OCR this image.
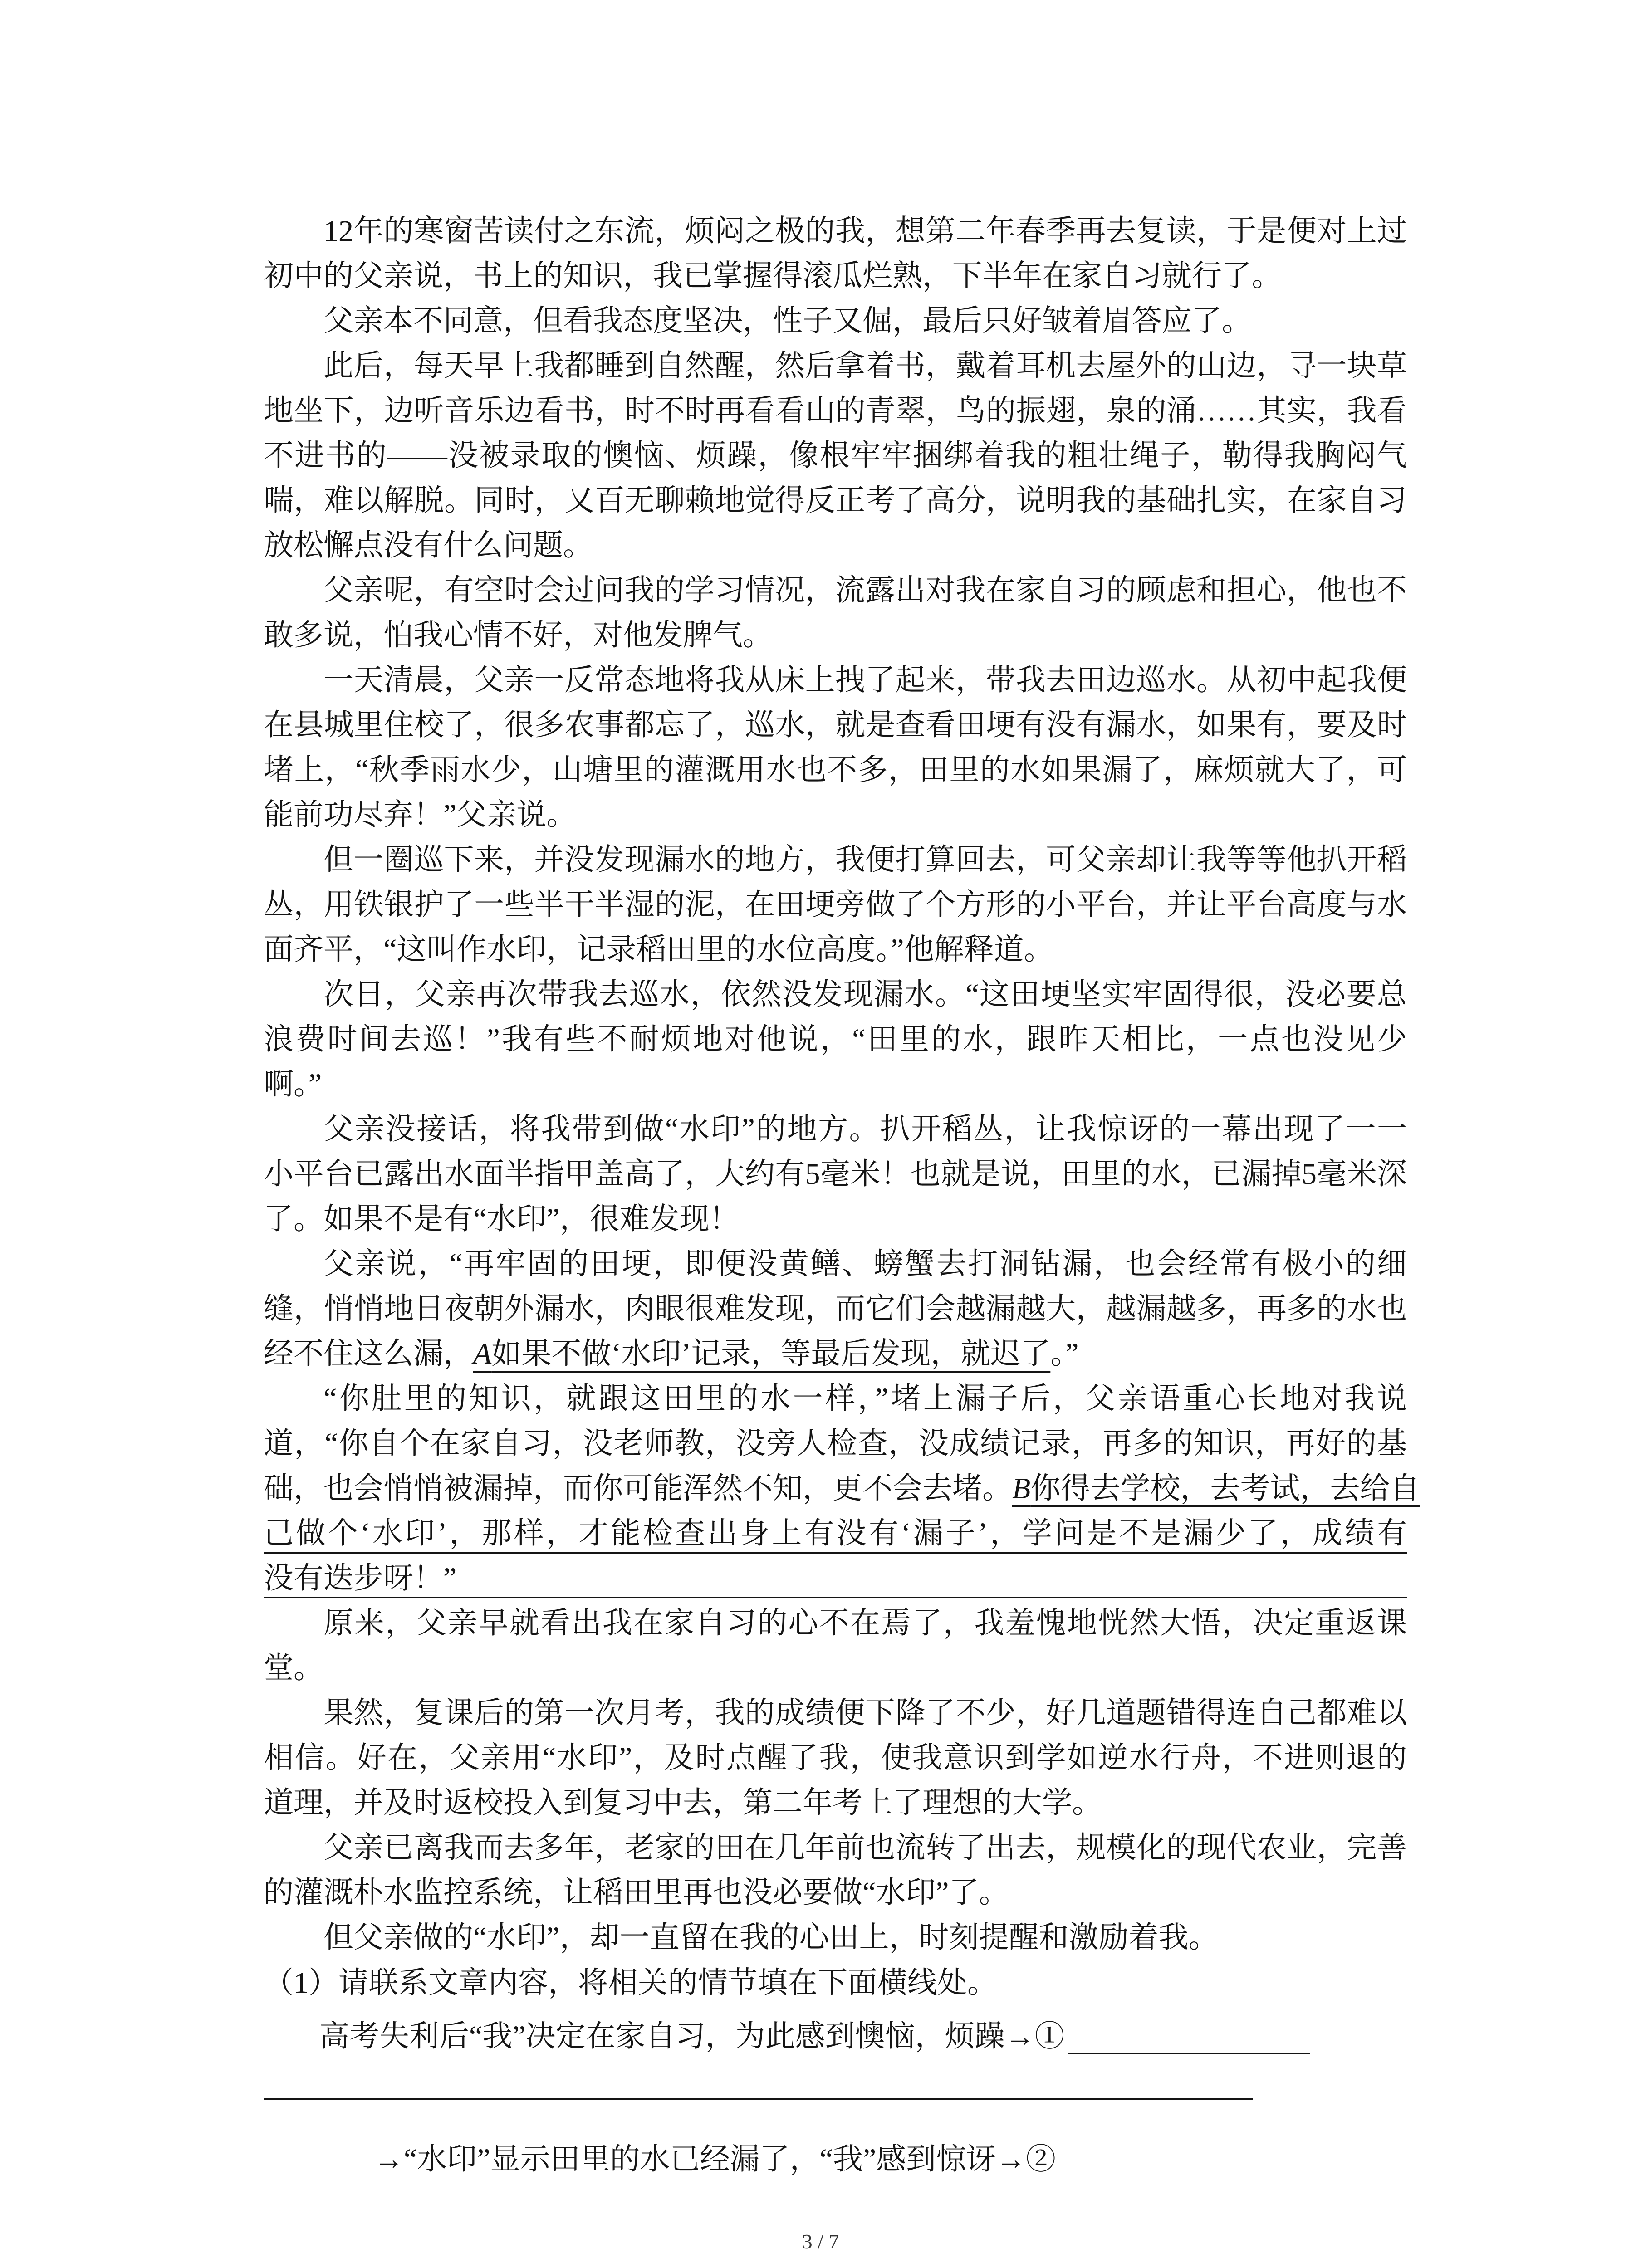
12年的寒窗苦读付之东流，烦闷之极的我，想第二年春季再去复读，于是便对上过
初中的父亲说，书上的知识，我已掌握得滚瓜烂熟，下半年在家自习就行了。
父亲本不同意，但看我态度坚决，性子又倔，最后只好皱着眉答应了。
此后，每天早上我都睡到自然醒，然后拿着书，戴着耳机去屋外的山边，寻一块草
地坐下，边听音乐边看书，时不时再看看山的青翠，鸟的振翅，泉的涌……其实，我看
不进书的——没被录取的懊恼、烦躁，像根牢牢捆绑着我的粗壮绳子，勒得我胸闷气
喘，难以解脱。同时，又百无聊赖地觉得反正考了高分，说明我的基础扎实，在家自习
放松懈点没有什么问题。
父亲呢，有空时会过问我的学习情况，流露出对我在家自习的顾虑和担心，他也不
敢多说，怕我心情不好，对他发脾气。
一天清晨，父亲一反常态地将我从床上拽了起来，带我去田边巡水。从初中起我便
在县城里住校了，很多农事都忘了，巡水，就是查看田埂有没有漏水，如果有，要及时
堵上，“秋季雨水少，山塘里的灌溉用水也不多，田里的水如果漏了，麻烦就大了，可
能前功尽弃！”父亲说。
但一圈巡下来，并没发现漏水的地方，我便打算回去，可父亲却让我等等他扒开稻
丛，用铁银护了一些半干半湿的泥，在田埂旁做了个方形的小平台，并让平台高度与水
面齐平，“这叫作水印，记录稻田里的水位高度。”他解释道。
次日，父亲再次带我去巡水，依然没发现漏水。“这田埂坚实牢固得很，没必要总
浪费时间去巡！”我有些不耐烦地对他说，“田里的水，跟昨天相比，一点也没见少
啊。”
父亲没接话，将我带到做“水印”的地方。扒开稻丛，让我惊讶的一幕出现了一一
小平台已露出水面半指甲盖高了，大约有5毫米！也就是说，田里的水，已漏掉5毫米深
了。如果不是有“水印”，很难发现！
父亲说，“再牢固的田埂，即便没黄鳝、螃蟹去打洞钻漏，也会经常有极小的细
缝，悄悄地日夜朝外漏水，肉眼很难发现，而它们会越漏越大，越漏越多，再多的水也
经不住这么漏，A如果不做‘水印’记录，等最后发现，就迟了。”
“你肚里的知识，就跟这田里的水一样，”堵上漏子后，父亲语重心长地对我说
道，“你自个在家自习，没老师教，没旁人检查，没成绩记录，再多的知识，再好的基
础，也会悄悄被漏掉，而你可能浑然不知，更不会去堵。B你得去学校，去考试，去给自
己做个‘水印’，那样，才能检查出身上有没有‘漏子’，学问是不是漏少了，成绩有
没有迭步呀！”
原来，父亲早就看出我在家自习的心不在焉了，我羞愧地恍然大悟，决定重返课
堂。
果然，复课后的第一次月考，我的成绩便下降了不少，好几道题错得连自己都难以
相信。好在，父亲用“水印”，及时点醒了我，使我意识到学如逆水行舟，不进则退的
道理，并及时返校投入到复习中去，第二年考上了理想的大学。
父亲已离我而去多年，老家的田在几年前也流转了出去，规模化的现代农业，完善
的灌溉朴水监控系统，让稻田里再也没必要做“水印”了。
但父亲做的“水印”，却一直留在我的心田上，时刻提醒和激励着我。
（1）请联系文章内容，将相关的情节填在下面横线处。
高考失利后“我”决定在家自习，为此感到懊恼，烦躁→①
→“水印”显示田里的水已经漏了，“我”感到惊讶→②
3 / 7
